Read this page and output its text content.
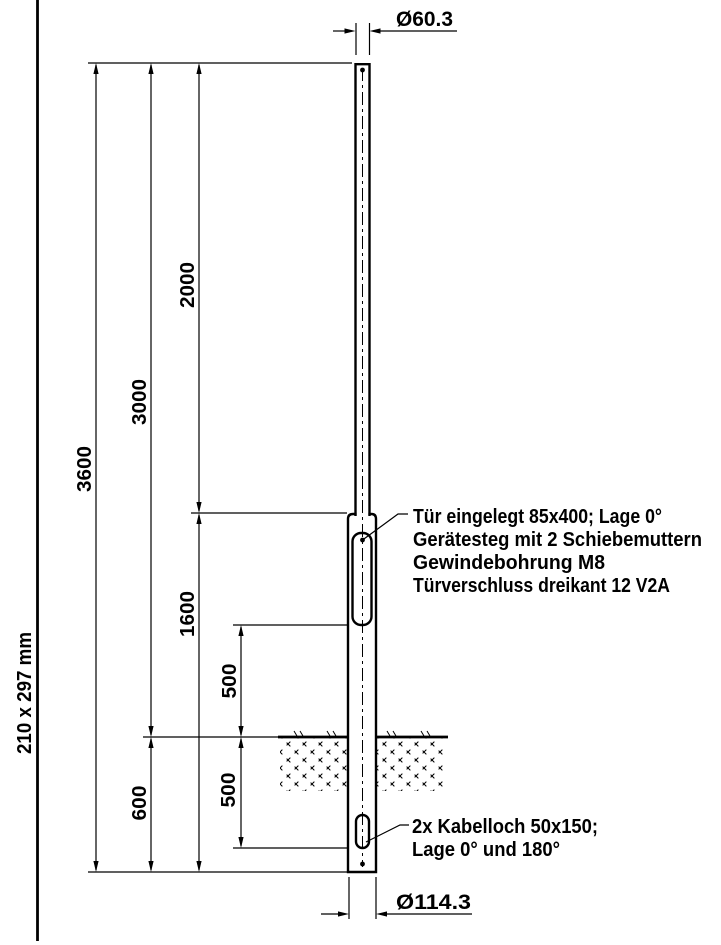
210 x 297 mm
3600
3000
600
2000
1600
500
500
Ø60.3
Ø114.3
Tür eingelegt 85x400; Lage 0°
Gerätesteg mit 2 Schiebemuttern
Gewindebohrung M8
Türverschluss dreikant 12 V2A
2x Kabelloch 50x150;
Lage 0° und 180°
